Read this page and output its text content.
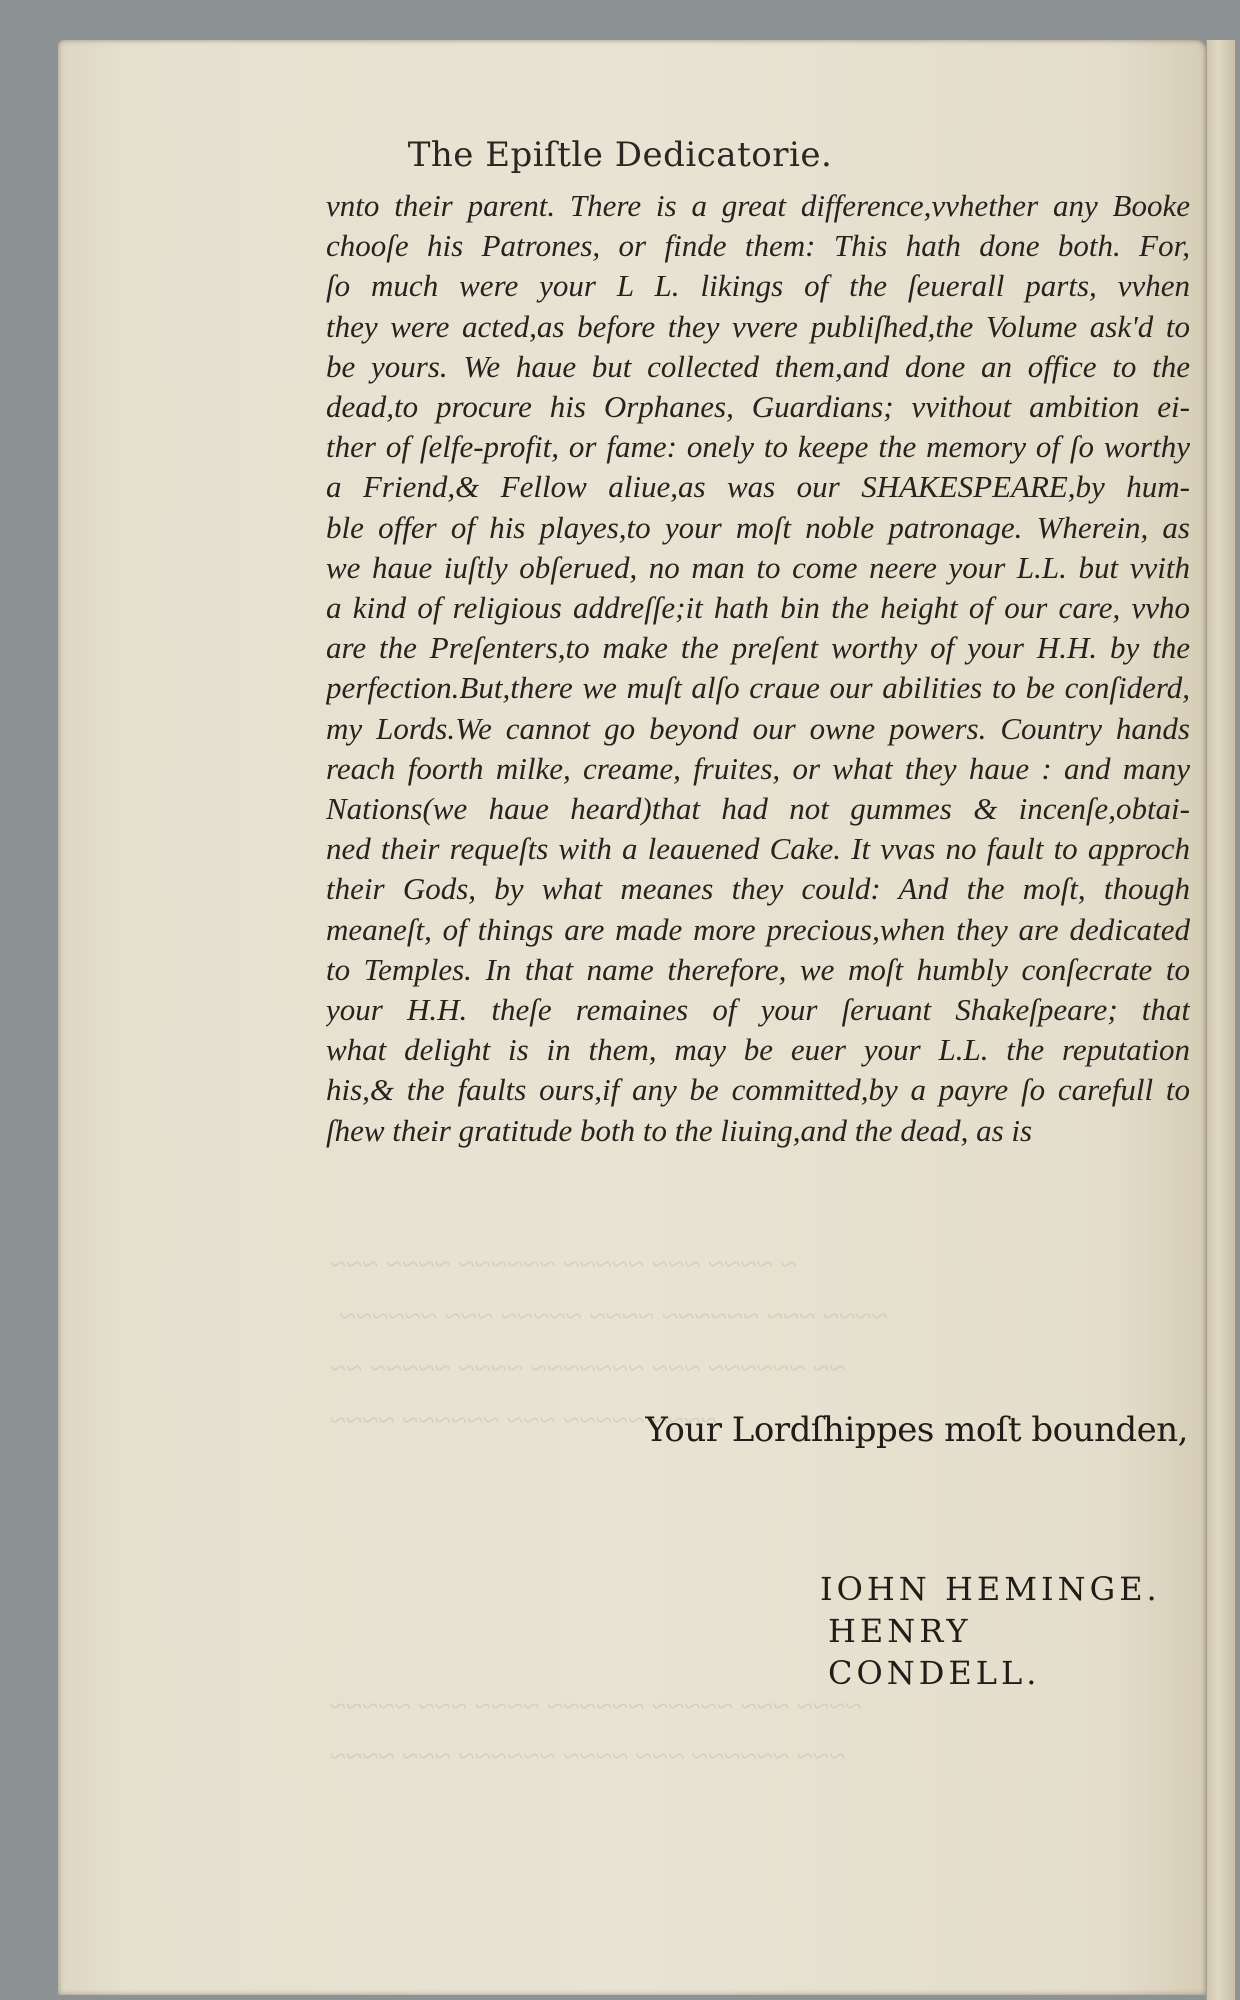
~ ~~~~ ~~~ ~~~~~ ~~~~~~ ~~~~ ~~~
~~~~ ~~~ ~~~~~~ ~~~~ ~~~~~ ~~~ ~~~~~~
~~ ~~~~~~ ~~~ ~~~~~~~ ~~~~ ~~~~~ ~~
~~~~ ~~~~~ ~~~ ~~~~~~ ~~~~
~~~~ ~~~ ~~~~~ ~~~~~~ ~~~~ ~~~ ~~~~~
~~~ ~~~~~~ ~~~ ~~~~ ~~~~~~ ~~~ ~~~~
The Epiſtle Dedicatorie.
vnto their parent. There is a great difference,vvhether any Booke
chooſe his Patrones, or finde them: This hath done both. For,
ſo much were your L L. likings of the ſeuerall parts, vvhen
they were acted,as before they vvere publiſhed,the Volume ask'd to
be yours. We haue but collected them,and done an office to the
dead,to procure his Orphanes, Guardians; vvithout ambition ei-
ther of ſelfe-profit, or fame: onely to keepe the memory of ſo worthy
a Friend,& Fellow aliue,as was our SHAKESPEARE,by hum-
ble offer of his playes,to your moſt noble patronage. Wherein, as
we haue iuſtly obſerued, no man to come neere your L.L. but vvith
a kind of religious addreſſe;it hath bin the height of our care, vvho
are the Preſenters,to make the preſent worthy of your H.H. by the
perfection.But,there we muſt alſo craue our abilities to be conſiderd,
my Lords.We cannot go beyond our owne powers. Country hands
reach foorth milke, creame, fruites, or what they haue : and many
Nations(we haue heard)that had not gummes & incenſe,obtai-
ned their requeſts with a leauened Cake. It vvas no fault to approch
their Gods, by what meanes they could: And the moſt, though
meaneſt, of things are made more precious,when they are dedicated
to Temples. In that name therefore, we moſt humbly conſecrate to
your H.H. theſe remaines of your ſeruant Shakeſpeare; that
what delight is in them, may be euer your L.L. the reputation
his,& the faults ours,if any be committed,by a payre ſo carefull to
ſhew their gratitude both to the liuing,and the dead, as is
Your Lordſhippes moſt bounden,
IOHN HEMINGE.
HENRY CONDELL.
